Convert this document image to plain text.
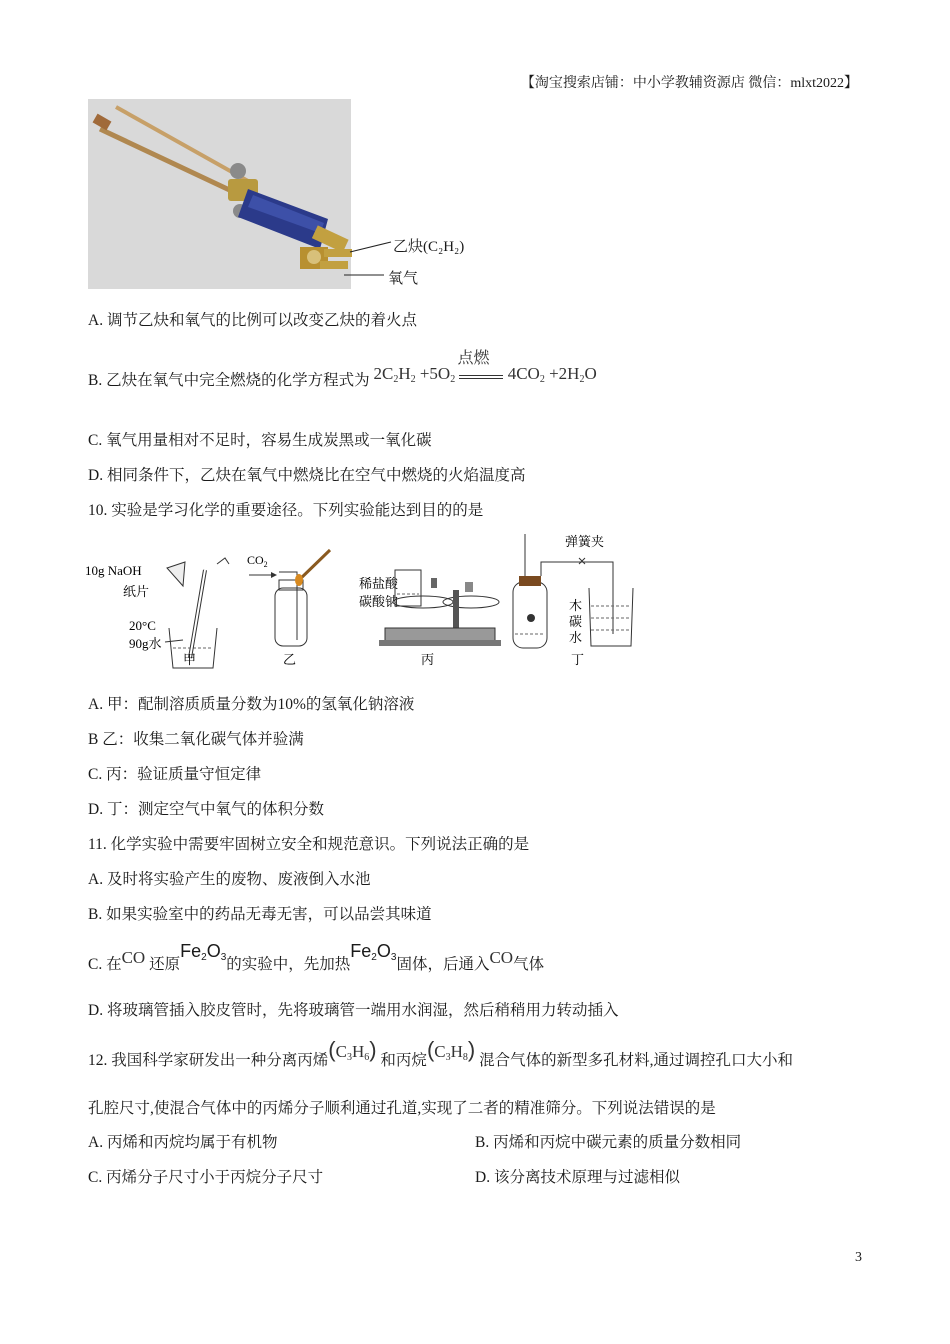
【淘宝搜索店铺：中小学教辅资源店 微信：mlxt2022】
乙炔(C₂H₂)
氧气
A. 调节乙炔和氧气的比例可以改变乙炔的着火点
B. 乙炔在氧气中完全燃烧的化学方程式为 $2C_2H_2 +5O_2$
点燃
$4CO_2 +2H_2O$
C. 氧气用量相对不足时，容易生成炭黑或一氧化碳
D. 相同条件下，乙炔在氧气中燃烧比在空气中燃烧的火焰温度高
10. 实验是学习化学的重要途径。下列实验能达到目的的是
10g NaOH
纸片
20°C
90g水
甲
$CO_2$
乙
稀盐酸
碳酸钠
丙
弹簧夹
木
碳
水
丁
A. 甲：配制溶质质量分数为10%的氢氧化钠溶液
B 乙：收集二氧化碳气体并验满
C. 丙：验证质量守恒定律
D. 丁：测定空气中氧气的体积分数
11. 化学实验中需要牢固树立安全和规范意识。下列说法正确的是
A. 及时将实验产生的废物、废液倒入水池
B. 如果实验室中的药品无毒无害，可以品尝其味道
C. 在CO 还原$Fe_2O_3$的实验中，先加热$Fe_2O_3$固体，后通入CO气体
D. 将玻璃管插入胶皮管时，先将玻璃管一端用水润湿，然后稍稍用力转动插入
12. 我国科学家研发出一种分离丙烯$(C_3H_6)$ 和丙烷$(C_3H_8)$ 混合气体的新型多孔材料,通过调控孔口大小和
孔腔尺寸,使混合气体中的丙烯分子顺利通过孔道,实现了二者的精准筛分。下列说法错误的是
A. 丙烯和丙烷均属于有机物	B. 丙烯和丙烷中碳元素的质量分数相同
C. 丙烯分子尺寸小于丙烷分子尺寸	D. 该分离技术原理与过滤相似
3
